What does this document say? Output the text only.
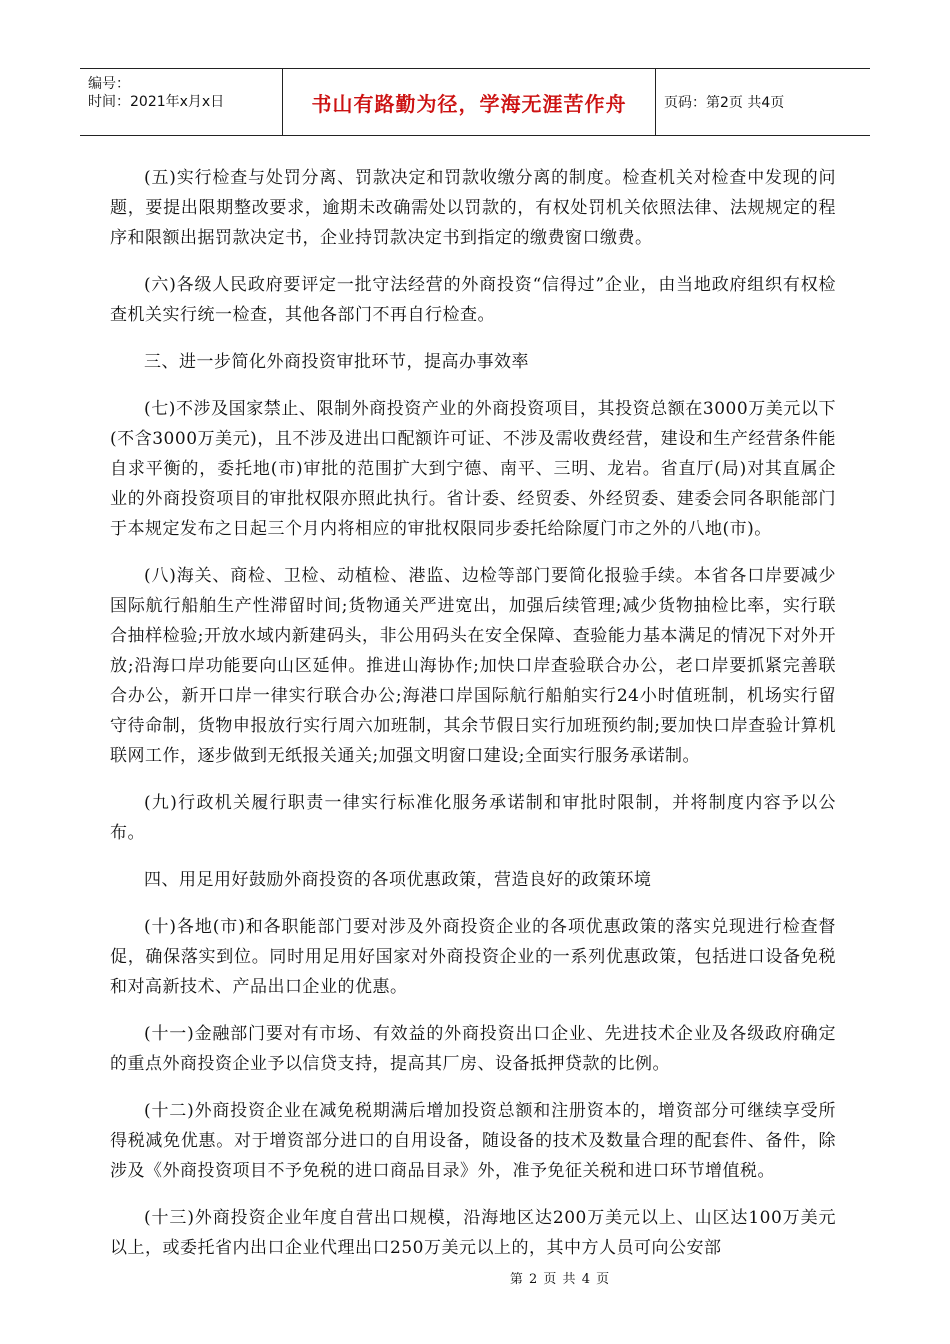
编号：
时间：2021年x月x日	书山有路勤为径，学海无涯苦作舟	页码：第2页 共4页

(五)实行检查与处罚分离、罚款决定和罚款收缴分离的制度。检查机关对检查中发现的问题，要提出限期整改要求，逾期未改确需处以罚款的，有权处罚机关依照法律、法规规定的程序和限额出据罚款决定书，企业持罚款决定书到指定的缴费窗口缴费。

(六)各级人民政府要评定一批守法经营的外商投资“信得过”企业，由当地政府组织有权检查机关实行统一检查，其他各部门不再自行检查。

三、进一步简化外商投资审批环节，提高办事效率

(七)不涉及国家禁止、限制外商投资产业的外商投资项目，其投资总额在3000万美元以下(不含3000万美元)，且不涉及进出口配额许可证、不涉及需收费经营，建设和生产经营条件能自求平衡的，委托地(市)审批的范围扩大到宁德、南平、三明、龙岩。省直厅(局)对其直属企业的外商投资项目的审批权限亦照此执行。省计委、经贸委、外经贸委、建委会同各职能部门于本规定发布之日起三个月内将相应的审批权限同步委托给除厦门市之外的八地(市)。

(八)海关、商检、卫检、动植检、港监、边检等部门要简化报验手续。本省各口岸要减少国际航行船舶生产性滞留时间;货物通关严进宽出，加强后续管理;减少货物抽检比率，实行联合抽样检验;开放水域内新建码头，非公用码头在安全保障、查验能力基本满足的情况下对外开放;沿海口岸功能要向山区延伸。推进山海协作;加快口岸查验联合办公，老口岸要抓紧完善联合办公，新开口岸一律实行联合办公;海港口岸国际航行船舶实行24小时值班制，机场实行留守待命制，货物申报放行实行周六加班制，其余节假日实行加班预约制;要加快口岸查验计算机联网工作，逐步做到无纸报关通关;加强文明窗口建设;全面实行服务承诺制。

(九)行政机关履行职责一律实行标准化服务承诺制和审批时限制，并将制度内容予以公布。

四、用足用好鼓励外商投资的各项优惠政策，营造良好的政策环境

(十)各地(市)和各职能部门要对涉及外商投资企业的各项优惠政策的落实兑现进行检查督促，确保落实到位。同时用足用好国家对外商投资企业的一系列优惠政策，包括进口设备免税和对高新技术、产品出口企业的优惠。

(十一)金融部门要对有市场、有效益的外商投资出口企业、先进技术企业及各级政府确定的重点外商投资企业予以信贷支持，提高其厂房、设备抵押贷款的比例。

(十二)外商投资企业在减免税期满后增加投资总额和注册资本的，增资部分可继续享受所得税减免优惠。对于增资部分进口的自用设备，随设备的技术及数量合理的配套件、备件，除涉及《外商投资项目不予免税的进口商品目录》外，准予免征关税和进口环节增值税。

(十三)外商投资企业年度自营出口规模，沿海地区达200万美元以上、山区达100万美元以上，或委托省内出口企业代理出口250万美元以上的，其中方人员可向公安部

第 2 页 共 4 页
